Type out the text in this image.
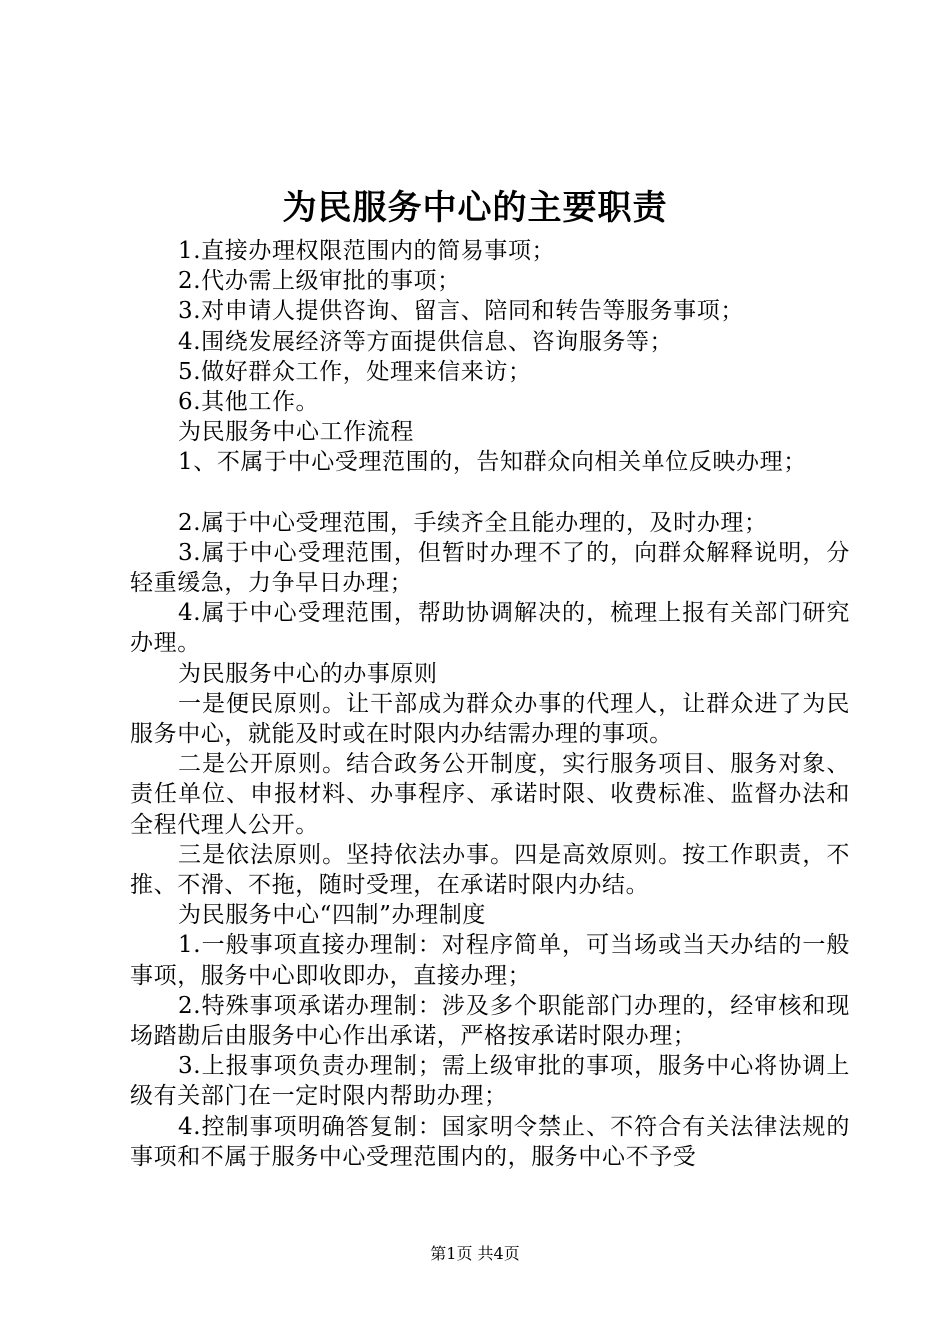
为民服务中心的主要职责

1.直接办理权限范围内的简易事项；

2.代办需上级审批的事项；

3.对申请人提供咨询、留言、陪同和转告等服务事项；

4.围绕发展经济等方面提供信息、咨询服务等；

5.做好群众工作，处理来信来访；

6.其他工作。

为民服务中心工作流程

1、不属于中心受理范围的，告知群众向相关单位反映办理；

2.属于中心受理范围，手续齐全且能办理的，及时办理；

3.属于中心受理范围，但暂时办理不了的，向群众解释说明，分轻重缓急，力争早日办理；

4.属于中心受理范围，帮助协调解决的，梳理上报有关部门研究办理。

为民服务中心的办事原则

一是便民原则。让干部成为群众办事的代理人，让群众进了为民服务中心，就能及时或在时限内办结需办理的事项。

二是公开原则。结合政务公开制度，实行服务项目、服务对象、责任单位、申报材料、办事程序、承诺时限、收费标准、监督办法和全程代理人公开。

三是依法原则。坚持依法办事。四是高效原则。按工作职责，不推、不滑、不拖，随时受理，在承诺时限内办结。

为民服务中心“四制”办理制度

1.一般事项直接办理制：对程序简单，可当场或当天办结的一般事项，服务中心即收即办，直接办理；

2.特殊事项承诺办理制：涉及多个职能部门办理的，经审核和现场踏勘后由服务中心作出承诺，严格按承诺时限办理；

3.上报事项负责办理制；需上级审批的事项，服务中心将协调上级有关部门在一定时限内帮助办理；

4.控制事项明确答复制：国家明令禁止、不符合有关法律法规的事项和不属于服务中心受理范围内的，服务中心不予受

第1页 共4页
